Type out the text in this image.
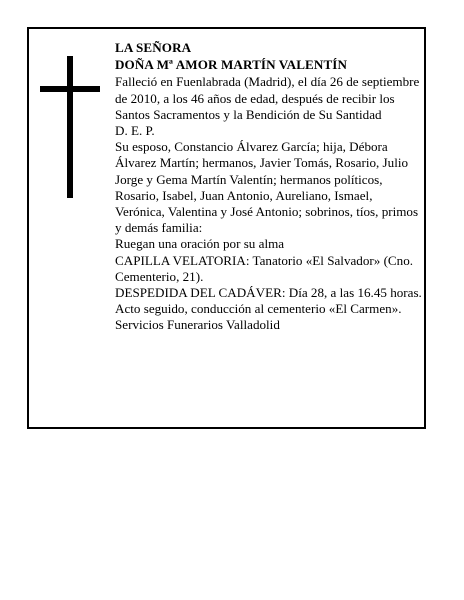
LA SEÑORA

DOÑA Mª AMOR MARTÍN VALENTÍN

Falleció en Fuenlabrada (Madrid), el día 26 de septiembre de 2010, a los 46 años de edad, después de recibir los Santos Sacramentos y la Bendición de Su Santidad

D. E. P.

Su esposo, Constancio Álvarez García; hija, Débora Álvarez Martín; hermanos, Javier Tomás, Rosario, Julio Jorge y Gema Martín Valentín; hermanos políticos, Rosario, Isabel, Juan Antonio, Aureliano, Ismael, Verónica, Valentina y José Antonio; sobrinos, tíos, primos y demás familia:

Ruegan una oración por su alma

CAPILLA VELATORIA: Tanatorio «El Salvador» (Cno. Cementerio, 21).

DESPEDIDA DEL CADÁVER: Día 28, a las 16.45 horas. Acto seguido, conducción al cementerio «El Carmen».

Servicios Funerarios Valladolid
